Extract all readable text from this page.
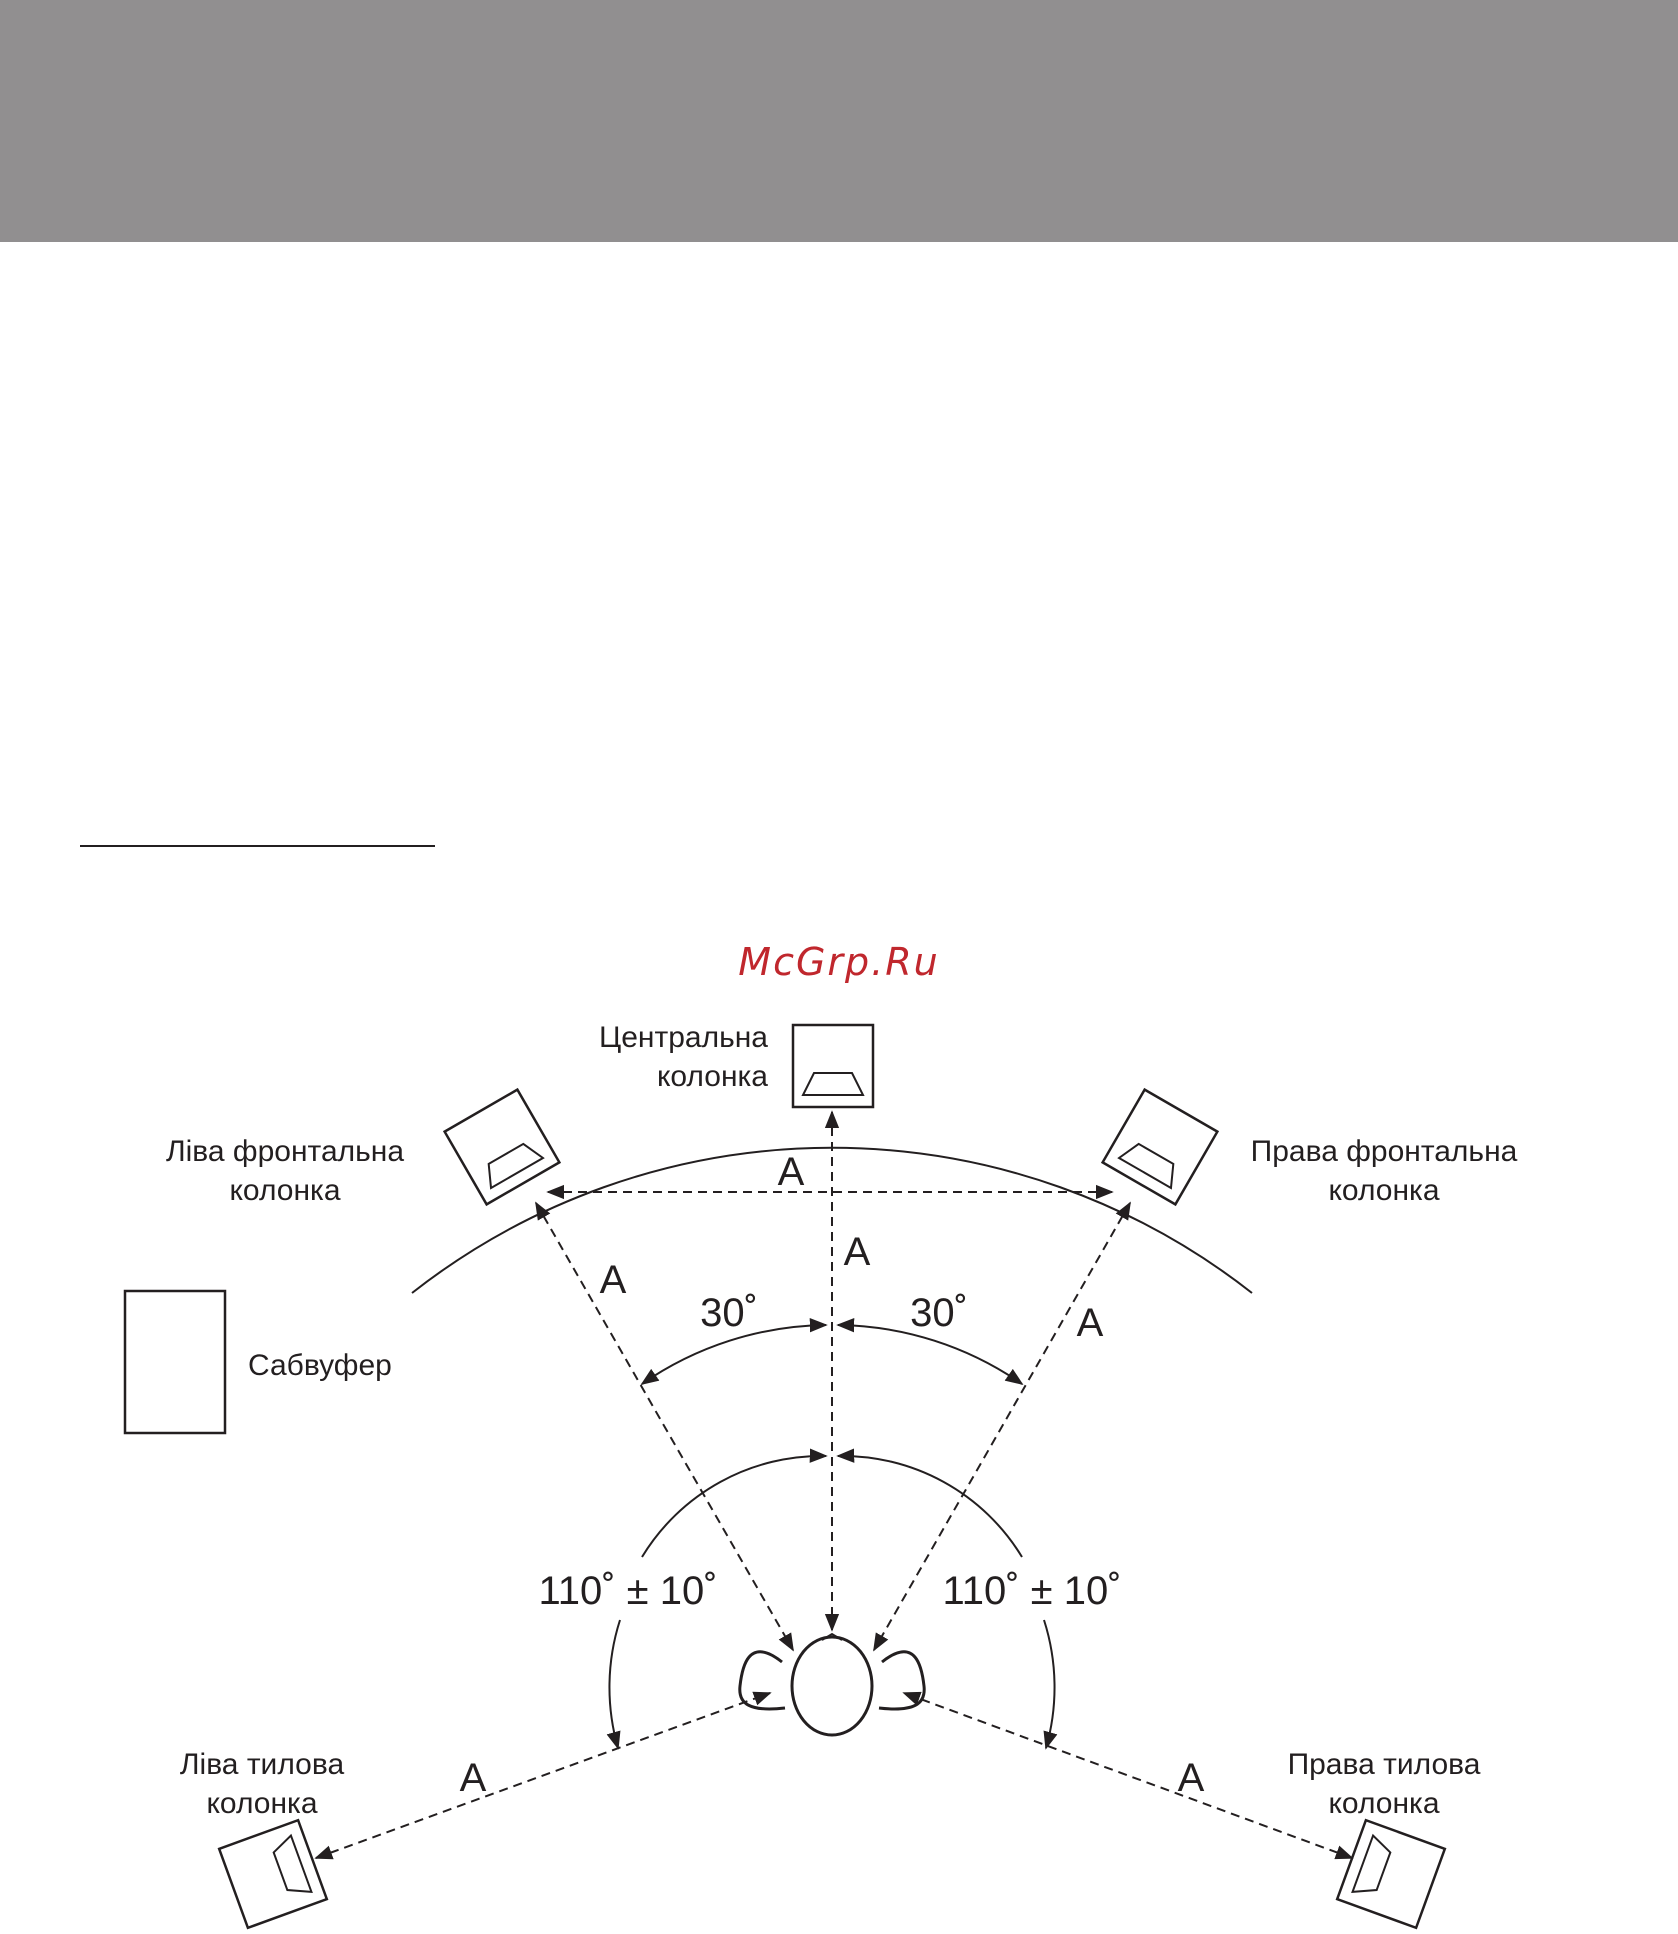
McGrp.Ru
Центральна
колонка
Ліва фронтальна
колонка
Права фронтальна
колонка
Сабвуфер
Ліва тилова
колонка
Права тилова
колонка
A
A
A
A
A	A
30˚	30˚
110˚ ± 10˚	110˚ ± 10˚
